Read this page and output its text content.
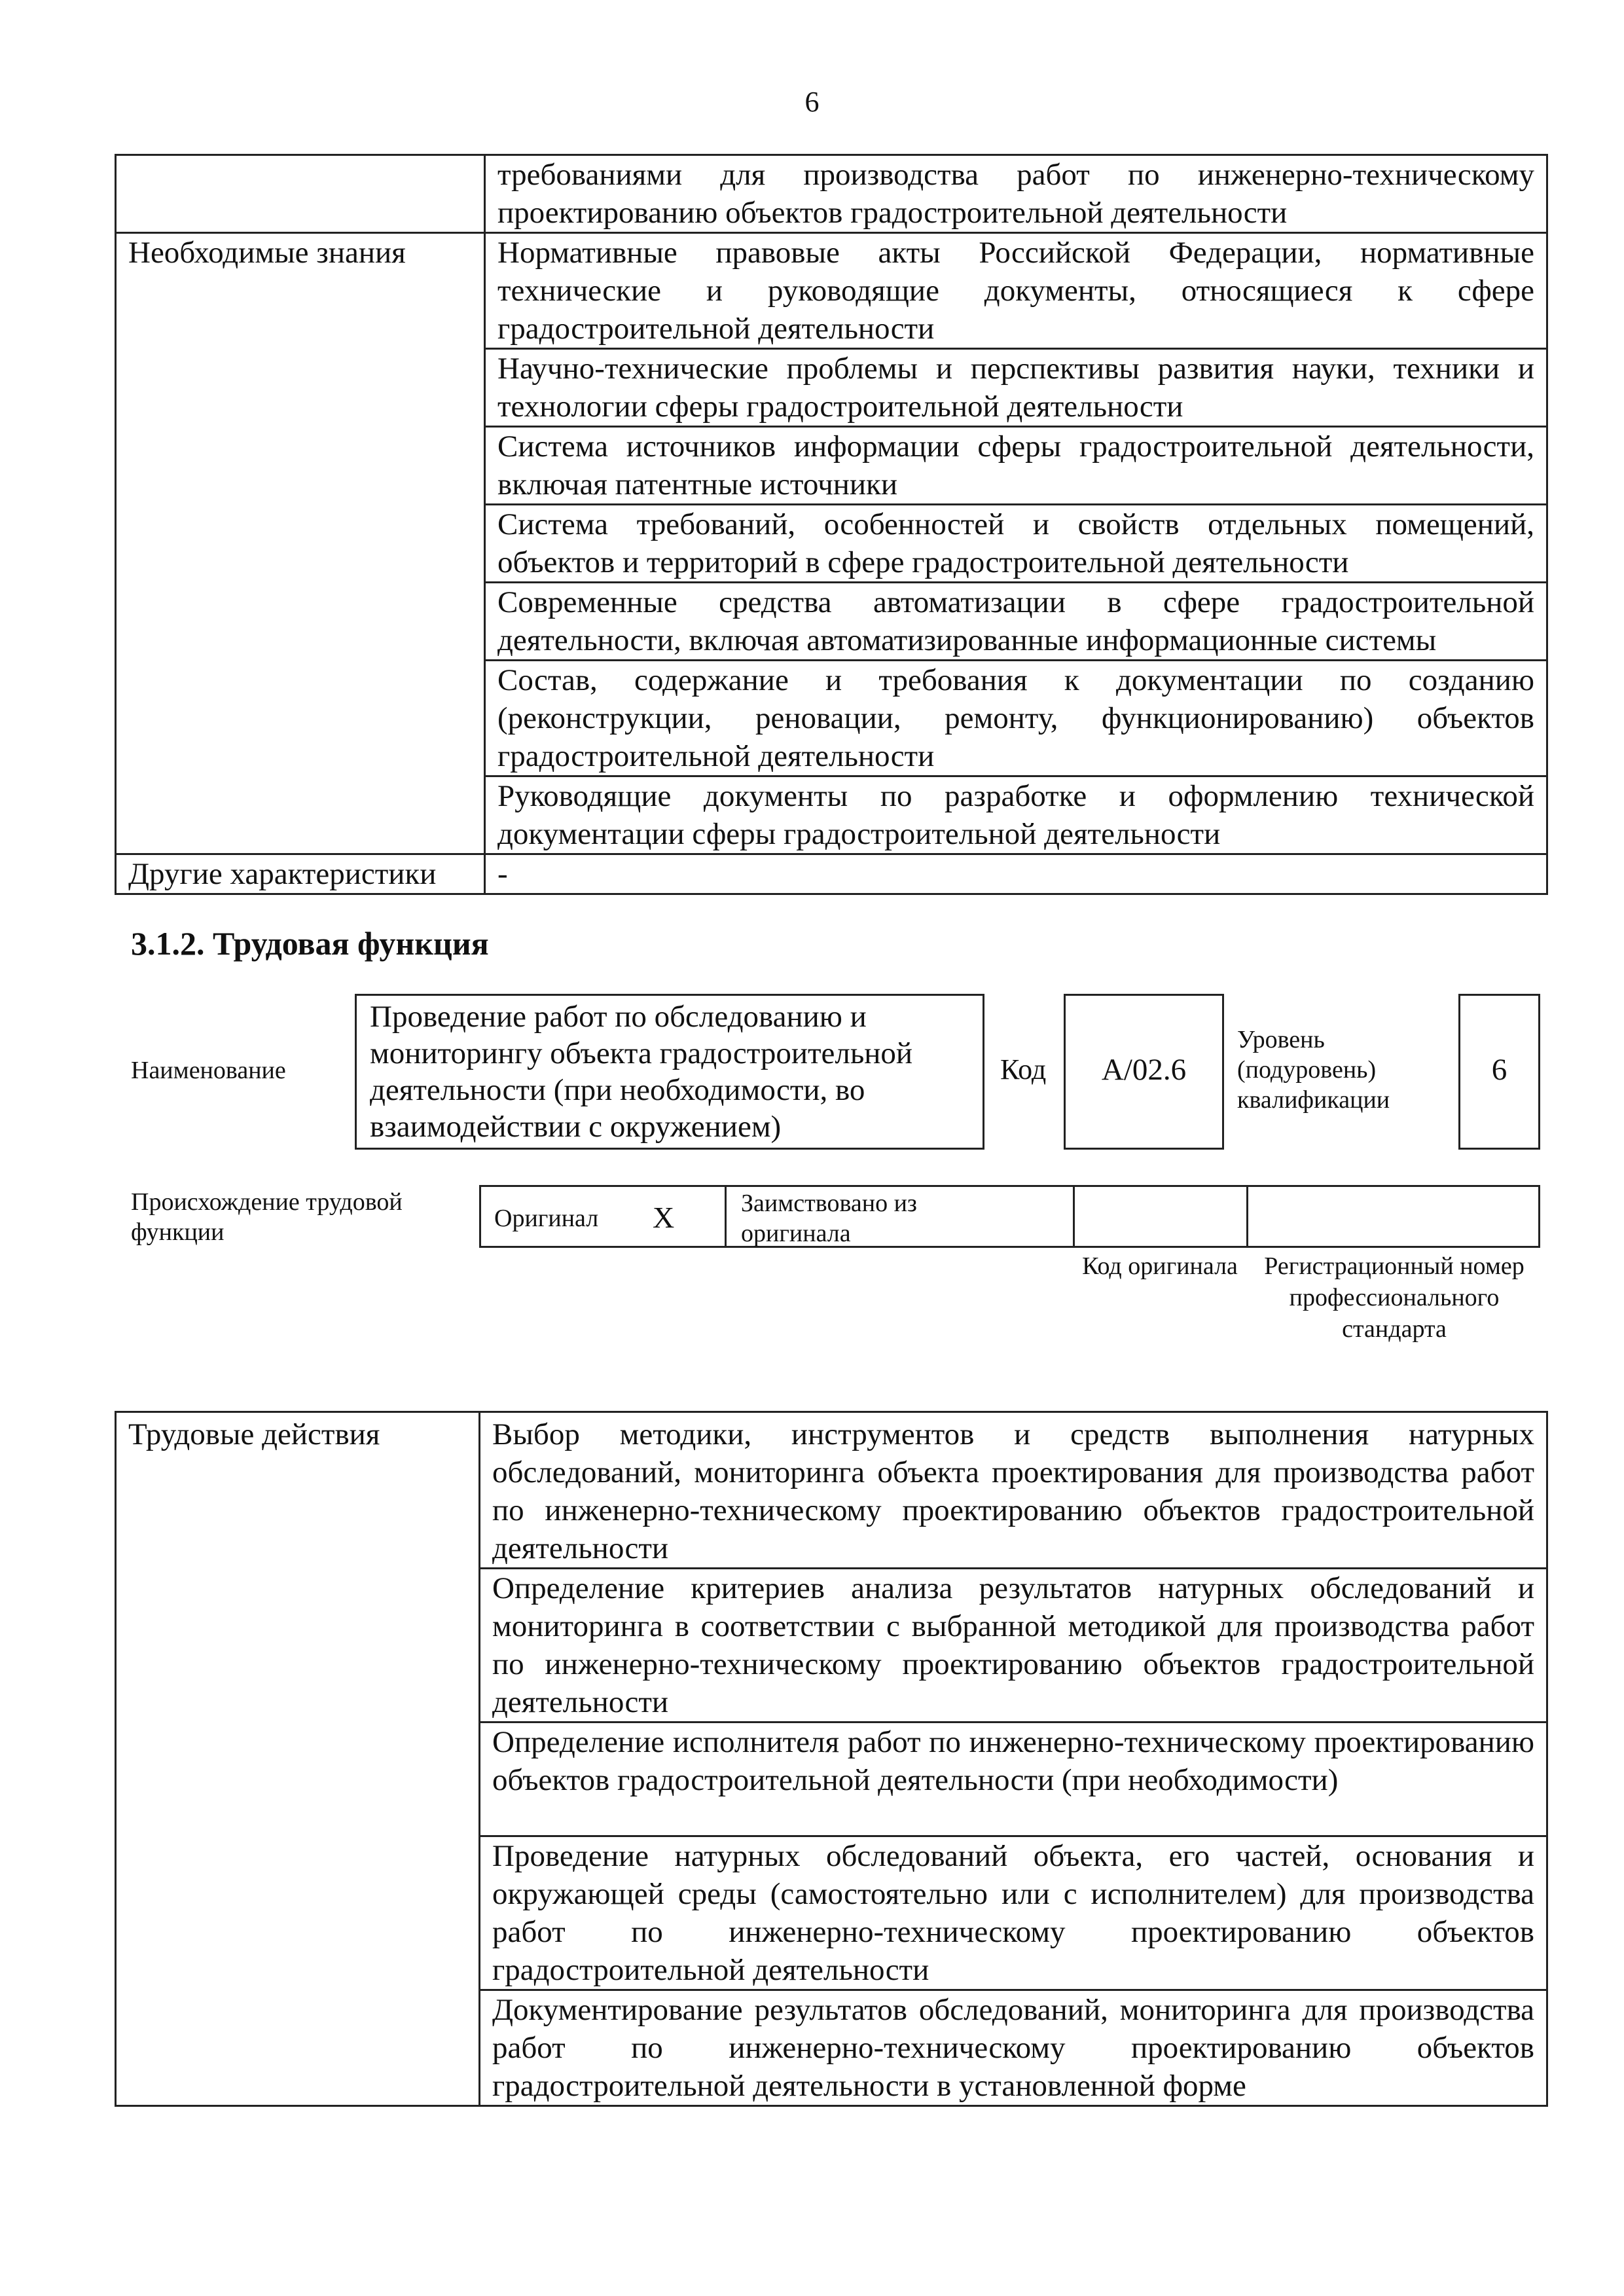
6
	требованиями для производства работ по инженерно-техническому проектированию объектов градостроительной деятельности
Необходимые знания	Нормативные правовые акты Российской Федерации, нормативные технические и руководящие документы, относящиеся к сфере градостроительной деятельности
	Научно-технические проблемы и перспективы развития науки, техники и технологии сферы градостроительной деятельности
	Система источников информации сферы градостроительной деятельности, включая патентные источники
	Система требований, особенностей и свойств отдельных помещений, объектов и территорий в сфере градостроительной деятельности
	Современные средства автоматизации в сфере градостроительной деятельности, включая автоматизированные информационные системы
	Состав, содержание и требования к документации по созданию (реконструкции, реновации, ремонту, функционированию) объектов градостроительной деятельности
	Руководящие документы по разработке и оформлению технической документации сферы градостроительной деятельности
Другие характеристики	-
3.1.2. Трудовая функция
Наименование
Проведение работ по обследованию и мониторингу объекта градостроительной деятельности (при необходимости, во взаимодействии с окружением)
Код	А/02.6
Уровень (подуровень) квалификации
6
Происхождение трудовой функции	Оригинал X	Заимствовано из оригинала
Код оригинала Регистрационный номер профессионального стандарта
Трудовые действия	Выбор методики, инструментов и средств выполнения натурных обследований, мониторинга объекта проектирования для производства работ по инженерно-техническому проектированию объектов градостроительной деятельности
Определение критериев анализа результатов натурных обследований и мониторинга в соответствии с выбранной методикой для производства работ по инженерно-техническому проектированию объектов градостроительной деятельности
Определение исполнителя работ по инженерно-техническому проектированию объектов градостроительной деятельности (при необходимости)
Проведение натурных обследований объекта, его частей, основания и окружающей среды (самостоятельно или с исполнителем) для производства работ по инженерно-техническому проектированию объектов градостроительной деятельности
Документирование результатов обследований, мониторинга для производства работ по инженерно-техническому проектированию объектов градостроительной деятельности в установленной форме
